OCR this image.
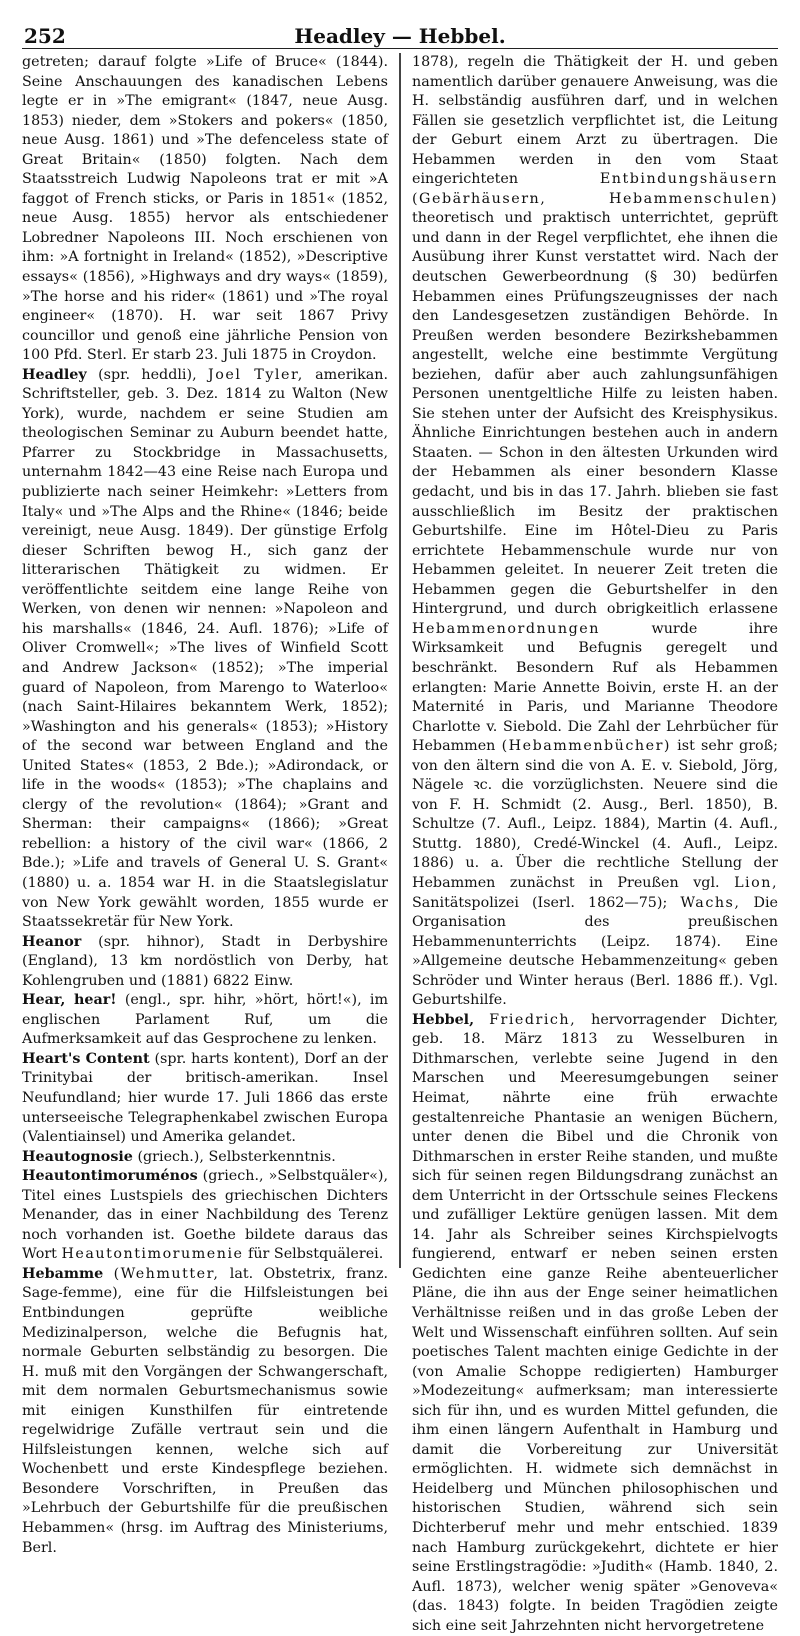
252	Headley — Hebbel.

getreten; darauf folgte »Life of Bruce« (1844). Seine Anschauungen des kanadischen Lebens legte er in »The emigrant« (1847, neue Ausg. 1853) nieder, dem »Stokers and pokers« (1850, neue Ausg. 1861) und »The defenceless state of Great Britain« (1850) folgten. Nach dem Staatsstreich Ludwig Napoleons trat er mit »A faggot of French sticks, or Paris in 1851« (1852, neue Ausg. 1855) hervor als entschiedener Lobredner Napoleons III. Noch erschienen von ihm: »A fortnight in Ireland« (1852), »Descriptive essays« (1856), »Highways and dry ways« (1859), »The horse and his rider« (1861) und »The royal engineer« (1870). H. war seit 1867 Privy councillor und genoß eine jährliche Pension von 100 Pfd. Sterl. Er starb 23. Juli 1875 in Croydon.

Headley (spr. heddli), Joel Tyler, amerikan. Schriftsteller, geb. 3. Dez. 1814 zu Walton (New York), wurde, nachdem er seine Studien am theologischen Seminar zu Auburn beendet hatte, Pfarrer zu Stockbridge in Massachusetts, unternahm 1842—43 eine Reise nach Europa und publizierte nach seiner Heimkehr: »Letters from Italy« und »The Alps and the Rhine« (1846; beide vereinigt, neue Ausg. 1849). Der günstige Erfolg dieser Schriften bewog H., sich ganz der litterarischen Thätigkeit zu widmen. Er veröffentlichte seitdem eine lange Reihe von Werken, von denen wir nennen: »Napoleon and his marshalls« (1846, 24. Aufl. 1876); »Life of Oliver Cromwell«; »The lives of Winfield Scott and Andrew Jackson« (1852); »The imperial guard of Napoleon, from Marengo to Waterloo« (nach Saint-Hilaires bekanntem Werk, 1852); »Washington and his generals« (1853); »History of the second war between England and the United States« (1853, 2 Bde.); »Adirondack, or life in the woods« (1853); »The chaplains and clergy of the revolution« (1864); »Grant and Sherman: their campaigns« (1866); »Great rebellion: a history of the civil war« (1866, 2 Bde.); »Life and travels of General U. S. Grant« (1880) u. a. 1854 war H. in die Staatslegislatur von New York gewählt worden, 1855 wurde er Staatssekretär für New York.

Heanor (spr. hihnor), Stadt in Derbyshire (England), 13 km nordöstlich von Derby, hat Kohlengruben und (1881) 6822 Einw.

Hear, hear! (engl., spr. hihr, »hört, hört!«), im englischen Parlament Ruf, um die Aufmerksamkeit auf das Gesprochene zu lenken.

Heart's Content (spr. harts kontent), Dorf an der Trinitybai der britisch-amerikan. Insel Neufundland; hier wurde 17. Juli 1866 das erste unterseeische Telegraphenkabel zwischen Europa (Valentiainsel) und Amerika gelandet.

Heautognosie (griech.), Selbsterkenntnis.

Heautontimoruménos (griech., »Selbstquäler«), Titel eines Lustspiels des griechischen Dichters Menander, das in einer Nachbildung des Terenz noch vorhanden ist. Goethe bildete daraus das Wort Heautontimorumenie für Selbstquälerei.

Hebamme (Wehmutter, lat. Obstetrix, franz. Sage-femme), eine für die Hilfsleistungen bei Entbindungen geprüfte weibliche Medizinalperson, welche die Befugnis hat, normale Geburten selbständig zu besorgen. Die H. muß mit den Vorgängen der Schwangerschaft, mit dem normalen Geburtsmechanismus sowie mit einigen Kunsthilfen für eintretende regelwidrige Zufälle vertraut sein und die Hilfsleistungen kennen, welche sich auf Wochenbett und erste Kindespflege beziehen. Besondere Vorschriften, in Preußen das »Lehrbuch der Geburtshilfe für die preußischen Hebammen« (hrsg. im Auftrag des Ministeriums, Berl.

1878), regeln die Thätigkeit der H. und geben namentlich darüber genauere Anweisung, was die H. selbständig ausführen darf, und in welchen Fällen sie gesetzlich verpflichtet ist, die Leitung der Geburt einem Arzt zu übertragen. Die Hebammen werden in den vom Staat eingerichteten	Entbindungshäusern (Gebärhäusern, Hebammenschulen) theoretisch und praktisch unterrichtet, geprüft und dann in der Regel verpflichtet, ehe ihnen die Ausübung ihrer Kunst verstattet wird. Nach der deutschen Gewerbeordnung (§ 30) bedürfen Hebammen eines Prüfungszeugnisses der nach den Landesgesetzen zuständigen Behörde. In Preußen werden besondere Bezirkshebammen angestellt, welche eine bestimmte Vergütung beziehen, dafür aber auch zahlungsunfähigen Personen unentgeltliche Hilfe zu leisten haben. Sie stehen unter der Aufsicht des Kreisphysikus. Ähnliche Einrichtungen bestehen auch in andern Staaten. — Schon in den ältesten Urkunden wird der Hebammen als einer besondern Klasse gedacht, und bis in das 17. Jahrh. blieben sie fast ausschließlich im Besitz der praktischen Geburtshilfe. Eine im Hôtel-Dieu zu Paris errichtete Hebammenschule wurde nur von Hebammen geleitet. In neuerer Zeit treten die Hebammen gegen die Geburtshelfer in den Hintergrund, und durch obrigkeitlich erlassene Hebammenordnungen	wurde ihre Wirksamkeit und Befugnis geregelt und beschränkt. Besondern Ruf als Hebammen erlangten: Marie Annette Boivin, erste H. an der Maternité in Paris, und Marianne Theodore Charlotte v. Siebold. Die Zahl der Lehrbücher für Hebammen (Hebammenbücher) ist sehr groß; von den ältern sind die von A. E. v. Siebold, Jörg, Nägele ꝛc. die vorzüglichsten. Neuere sind die von F. H. Schmidt (2. Ausg., Berl. 1850), B. Schultze (7. Aufl., Leipz. 1884), Martin (4. Aufl., Stuttg. 1880), Credé-Winckel (4. Aufl., Leipz. 1886) u. a. Über die rechtliche Stellung der Hebammen zunächst in Preußen vgl. Lion, Sanitätspolizei (Iserl. 1862—75); Wachs, Die Organisation des preußischen Hebammenunterrichts (Leipz. 1874). Eine »Allgemeine deutsche Hebammenzeitung« geben Schröder und Winter heraus (Berl. 1886 ff.). Vgl. Geburtshilfe.

Hebbel, Friedrich, hervorragender Dichter, geb. 18. März 1813 zu Wesselburen in Dithmarschen, verlebte seine Jugend in den Marschen und Meeresumgebungen seiner Heimat, nährte eine früh erwachte gestaltenreiche Phantasie an wenigen Büchern, unter denen die Bibel und die Chronik von Dithmarschen in erster Reihe standen, und mußte sich für seinen regen Bildungsdrang zunächst an dem Unterricht in der Ortsschule seines Fleckens und zufälliger Lektüre genügen lassen. Mit dem 14. Jahr als Schreiber seines Kirchspielvogts fungierend, entwarf er neben seinen ersten Gedichten eine ganze Reihe abenteuerlicher Pläne, die ihn aus der Enge seiner heimatlichen Verhältnisse reißen und in das große Leben der Welt und Wissenschaft einführen sollten. Auf sein poetisches Talent machten einige Gedichte in der (von Amalie Schoppe redigierten) Hamburger »Modezeitung« aufmerksam; man interessierte sich für ihn, und es wurden Mittel gefunden, die ihm einen längern Aufenthalt in Hamburg und damit die Vorbereitung zur Universität ermöglichten. H. widmete sich demnächst in Heidelberg und München philosophischen und historischen Studien, während sich sein Dichterberuf mehr und mehr entschied. 1839 nach Hamburg zurückgekehrt, dichtete er hier seine Erstlingstragödie: »Judith« (Hamb. 1840, 2. Aufl. 1873), welcher wenig später »Genoveva« (das. 1843) folgte. In beiden Tragödien zeigte sich eine seit Jahrzehnten nicht hervorgetretene
